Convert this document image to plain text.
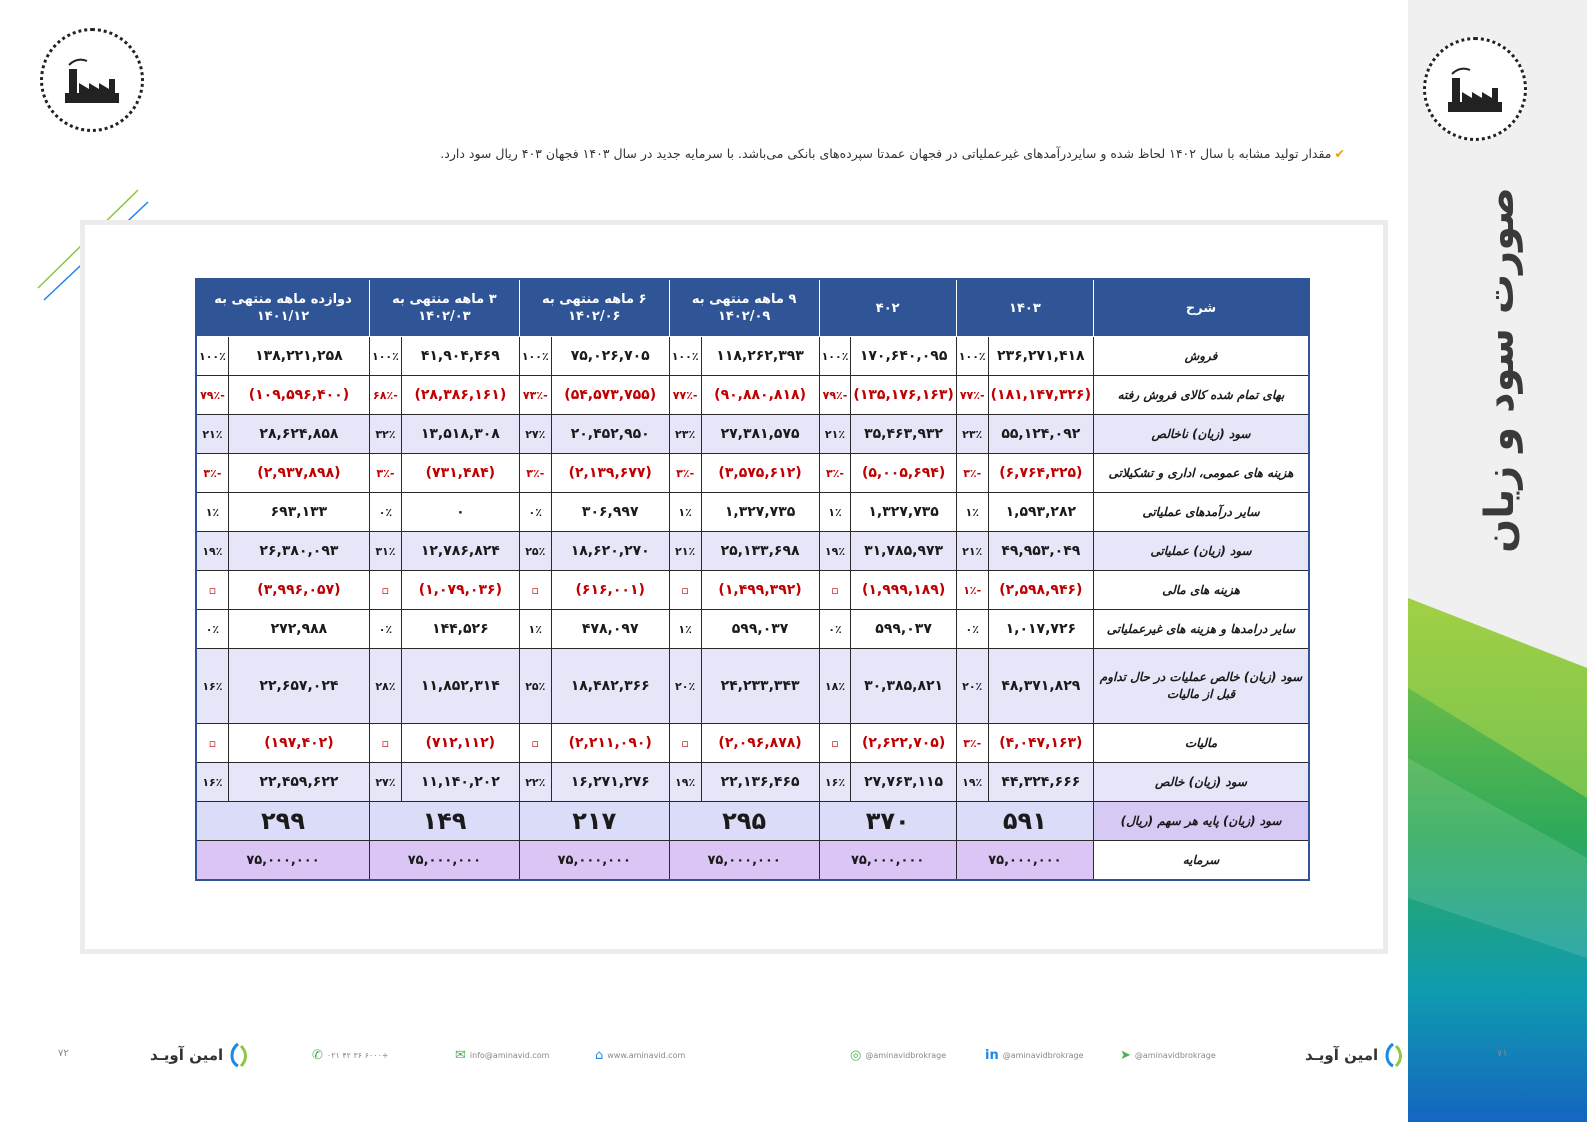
صورت سود و زیان
✔مقدار تولید مشابه با سال ۱۴۰۲ لحاظ شده و سایردرآمدهای غیرعملیاتی در فجهان عمدتا سپرده‌های بانکی می‌باشد. با سرمایه جدید در سال ۱۴۰۳ فجهان ۴۰۳ ریال سود دارد.
شرح	۱۴۰۳		۴۰۲		۹ ماهه منتهی به ۱۴۰۲/۰۹		۶ ماهه منتهی به ۱۴۰۲/۰۶		۳ ماهه منتهی به ۱۴۰۲/۰۳		دوازده ماهه منتهی به ۱۴۰۱/۱۲	
فروش	۲۳۶,۲۷۱,۴۱۸	۱۰۰٪	۱۷۰,۶۴۰,۰۹۵	۱۰۰٪	۱۱۸,۲۶۲,۳۹۳	۱۰۰٪	۷۵,۰۲۶,۷۰۵	۱۰۰٪	۴۱,۹۰۴,۴۶۹	۱۰۰٪	۱۳۸,۲۲۱,۲۵۸	۱۰۰٪
بهای تمام شده کالای فروش رفته	(۱۸۱,۱۴۷,۳۲۶)	-۷۷٪	(۱۳۵,۱۷۶,۱۶۳)	-۷۹٪	(۹۰,۸۸۰,۸۱۸)	-۷۷٪	(۵۴,۵۷۳,۷۵۵)	-۷۳٪	(۲۸,۳۸۶,۱۶۱)	-۶۸٪	(۱۰۹,۵۹۶,۴۰۰)	-۷۹٪
سود (زیان) ناخالص	۵۵,۱۲۴,۰۹۲	۲۳٪	۳۵,۴۶۳,۹۳۲	۲۱٪	۲۷,۳۸۱,۵۷۵	۲۳٪	۲۰,۴۵۲,۹۵۰	۲۷٪	۱۳,۵۱۸,۳۰۸	۳۲٪	۲۸,۶۲۴,۸۵۸	۲۱٪
هزینه های عمومی، اداری و تشکیلاتی	(۶,۷۶۴,۳۲۵)	-۳٪	(۵,۰۰۵,۶۹۴)	-۳٪	(۳,۵۷۵,۶۱۲)	-۳٪	(۲,۱۳۹,۶۷۷)	-۳٪	(۷۳۱,۴۸۴)	-۳٪	(۲,۹۳۷,۸۹۸)	-۳٪
سایر درآمدهای عملیاتی	۱,۵۹۳,۲۸۲	۱٪	۱,۳۲۷,۷۳۵	۱٪	۱,۳۲۷,۷۳۵	۱٪	۳۰۶,۹۹۷	۰٪	۰	۰٪	۶۹۳,۱۳۳	۱٪
سود (زیان) عملیاتی	۴۹,۹۵۳,۰۴۹	۲۱٪	۳۱,۷۸۵,۹۷۳	۱۹٪	۲۵,۱۳۳,۶۹۸	۲۱٪	۱۸,۶۲۰,۲۷۰	۲۵٪	۱۲,۷۸۶,۸۲۴	۳۱٪	۲۶,۳۸۰,۰۹۳	۱۹٪
هزینه های مالی	(۲,۵۹۸,۹۴۶)	-۱٪	(۱,۹۹۹,۱۸۹)	▫	(۱,۴۹۹,۳۹۲)	▫	(۶۱۶,۰۰۱)	▫	(۱,۰۷۹,۰۳۶)	▫	(۳,۹۹۶,۰۵۷)	▫
سایر درامدها و هزینه های غیرعملیاتی	۱,۰۱۷,۷۲۶	۰٪	۵۹۹,۰۳۷	۰٪	۵۹۹,۰۳۷	۱٪	۴۷۸,۰۹۷	۱٪	۱۴۴,۵۲۶	۰٪	۲۷۲,۹۸۸	۰٪
سود (زیان) خالص عملیات در حال تداوم قبل از مالیات	۴۸,۳۷۱,۸۲۹	۲۰٪	۳۰,۳۸۵,۸۲۱	۱۸٪	۲۴,۲۳۳,۳۴۳	۲۰٪	۱۸,۴۸۲,۳۶۶	۲۵٪	۱۱,۸۵۲,۳۱۴	۲۸٪	۲۲,۶۵۷,۰۲۴	۱۶٪
مالیات	(۴,۰۴۷,۱۶۳)	-۳٪	(۲,۶۲۲,۷۰۵)	▫	(۲,۰۹۶,۸۷۸)	▫	(۲,۲۱۱,۰۹۰)	▫	(۷۱۲,۱۱۲)	▫	(۱۹۷,۴۰۲)	▫
سود (زیان) خالص	۴۴,۳۲۴,۶۶۶	۱۹٪	۲۷,۷۶۳,۱۱۵	۱۶٪	۲۲,۱۳۶,۴۶۵	۱۹٪	۱۶,۲۷۱,۲۷۶	۲۲٪	۱۱,۱۴۰,۲۰۲	۲۷٪	۲۲,۴۵۹,۶۲۲	۱۶٪
سود (زیان) پایه هر سهم (ریال)	۵۹۱		۳۷۰		۲۹۵		۲۱۷		۱۴۹		۲۹۹	
سرمایه	۷۵,۰۰۰,۰۰۰		۷۵,۰۰۰,۰۰۰		۷۵,۰۰۰,۰۰۰		۷۵,۰۰۰,۰۰۰		۷۵,۰۰۰,۰۰۰		۷۵,۰۰۰,۰۰۰	
۷۲	امین آویـد	✆ ۰۲۱ ۴۲ ۳۶ ۶۰۰۰+	✉ info@aminavid.com	⌂ www.aminavid.com	◎ @aminavidbrokrage	in @aminavidbrokrage	➤ @aminavidbrokrage	امین آویـد	۷۱
